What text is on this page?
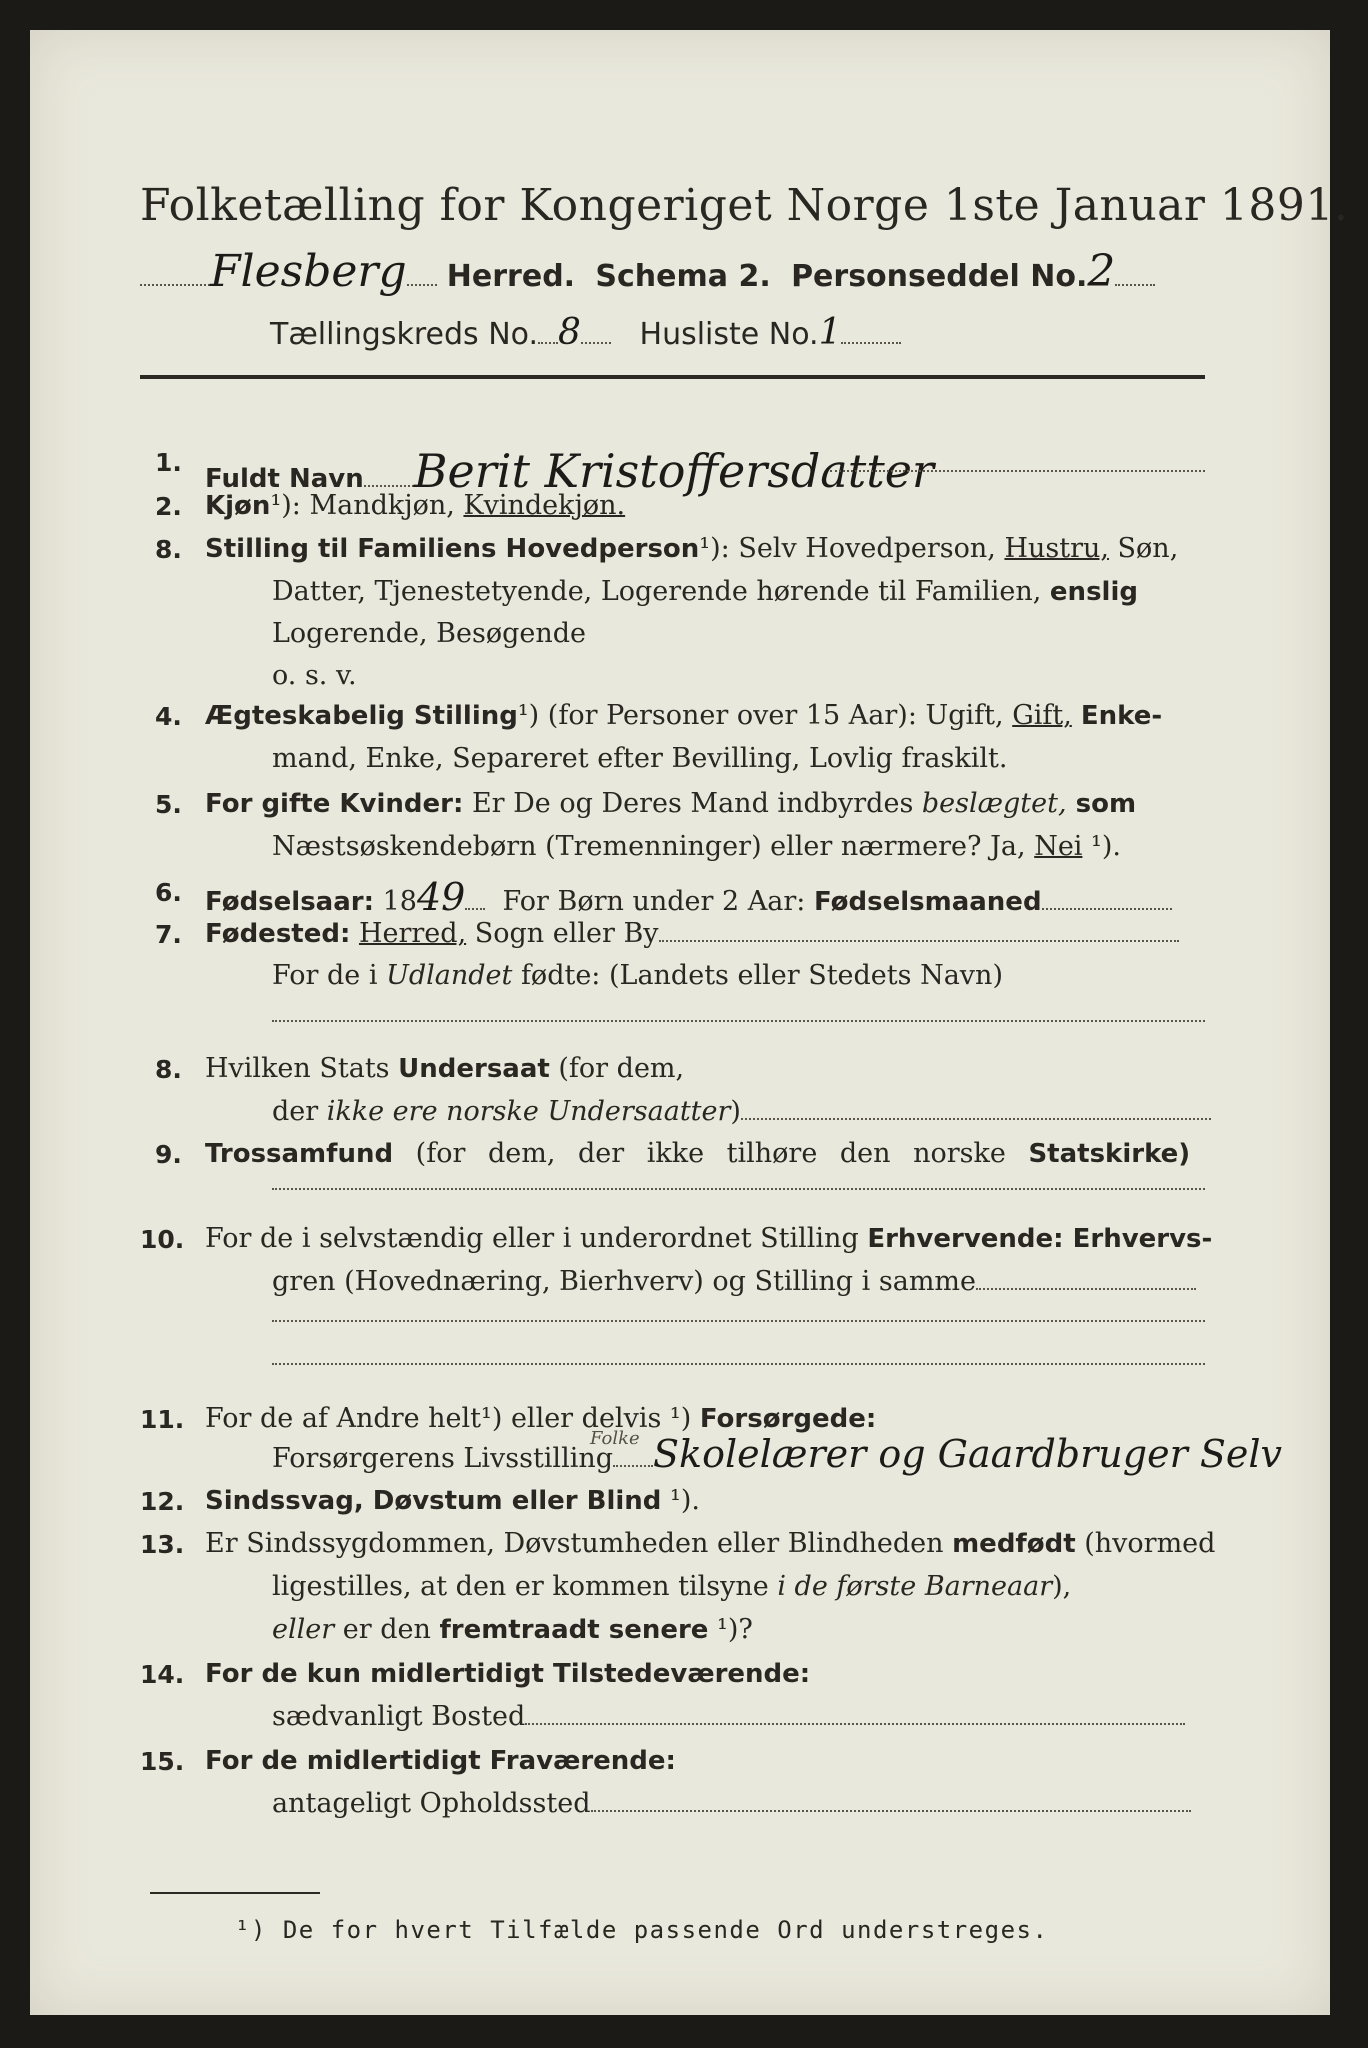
Folketælling for Kongeriget Norge 1ste Januar 1891.
Flesberg Herred. Schema 2. Personseddel No.2
Tællingskreds No. 8 Husliste No.1
1.
Fuldt Navn Berit Kristoffersdatter
2. Kjøn¹): Mandkjøn, Kvindekjøn.
8. Stilling til Familiens Hovedperson¹): Selv Hovedperson, Hustru, Søn,
Datter, Tjenestetyende, Logerende hørende til Familien, enslig
Logerende, Besøgende
o. s. v.
4. Ægteskabelig Stilling¹) (for Personer over 15 Aar): Ugift, Gift, Enke-
mand, Enke, Separeret efter Bevilling, Lovlig fraskilt.
5. For gifte Kvinder: Er De og Deres Mand indbyrdes beslægtet, som
Næstsøskendebørn (Tremenninger) eller nærmere? Ja, Nei ¹).
6. Fødselsaar: 1849 For Børn under 2 Aar: Fødselsmaaned
7. Fødested: Herred, Sogn eller By
For de i Udlandet fødte: (Landets eller Stedets Navn)
8. Hvilken Stats Undersaat (for dem,
der ikke ere norske Undersaatter)
9. Trossamfund (for dem, der ikke tilhøre den norske Statskirke)
10. For de i selvstændig eller i underordnet Stilling Erhvervende: Erhvervs-
gren (Hovednæring, Bierhverv) og Stilling i samme
11. For de af Andre helt¹) eller delvis ¹) Forsørgede:
Folke
Forsørgerens Livsstilling Skolelærer og Gaardbruger Selv
12. Sindssvag, Døvstum eller Blind ¹).
13. Er Sindssygdommen, Døvstumheden eller Blindheden medfødt (hvormed
ligestilles, at den er kommen tilsyne i de første Barneaar),
eller er den fremtraadt senere ¹)?
14. For de kun midlertidigt Tilstedeværende:
sædvanligt Bosted
15. For de midlertidigt Fraværende:
antageligt Opholdssted
¹) De for hvert Tilfælde passende Ord understreges.
